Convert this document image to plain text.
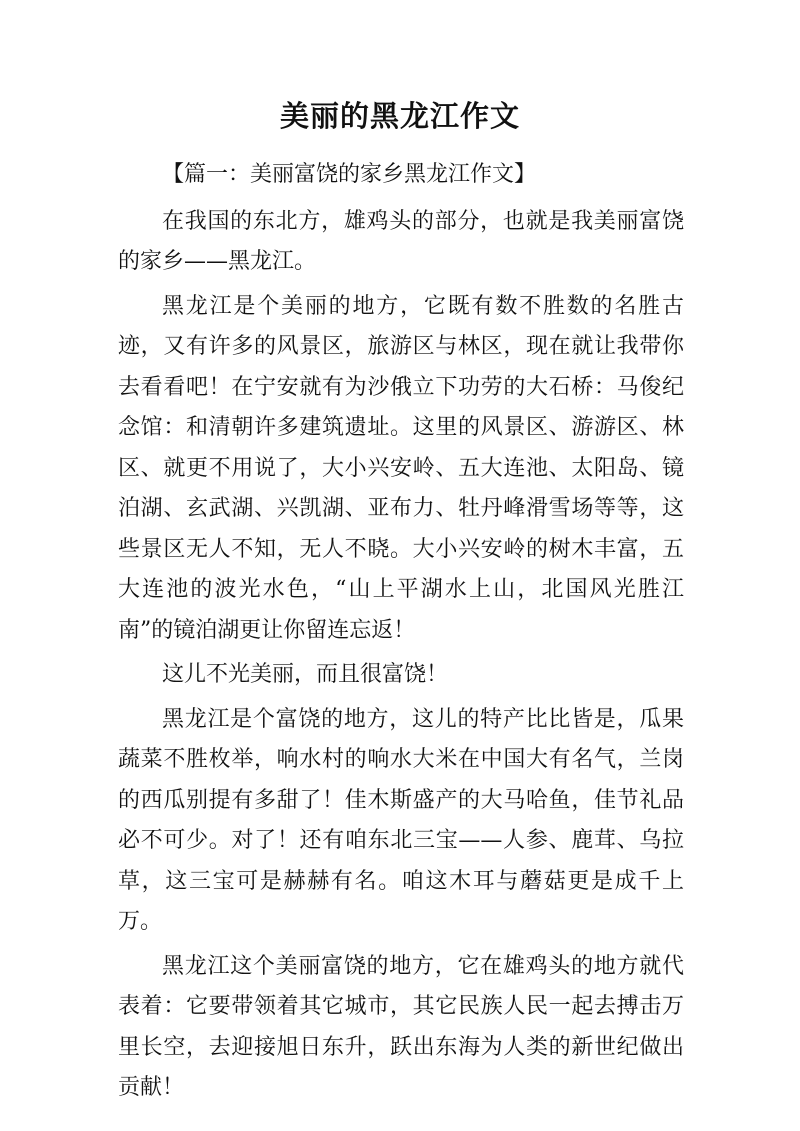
美丽的黑龙江作文

【篇一：美丽富饶的家乡黑龙江作文】

在我国的东北方，雄鸡头的部分，也就是我美丽富饶的家乡——黑龙江。

黑龙江是个美丽的地方，它既有数不胜数的名胜古迹，又有许多的风景区，旅游区与林区，现在就让我带你去看看吧！在宁安就有为沙俄立下功劳的大石桥：马俊纪念馆：和清朝许多建筑遗址。这里的风景区、游游区、林区、就更不用说了，大小兴安岭、五大连池、太阳岛、镜泊湖、玄武湖、兴凯湖、亚布力、牡丹峰滑雪场等等，这些景区无人不知，无人不晓。大小兴安岭的树木丰富，五大连池的波光水色，“山上平湖水上山，北国风光胜江南”的镜泊湖更让你留连忘返！

这儿不光美丽，而且很富饶！

黑龙江是个富饶的地方，这儿的特产比比皆是，瓜果蔬菜不胜枚举，响水村的响水大米在中国大有名气，兰岗的西瓜别提有多甜了！佳木斯盛产的大马哈鱼，佳节礼品必不可少。对了！还有咱东北三宝——人参、鹿茸、乌拉草，这三宝可是赫赫有名。咱这木耳与蘑菇更是成千上万。

黑龙江这个美丽富饶的地方，它在雄鸡头的地方就代表着：它要带领着其它城市，其它民族人民一起去搏击万里长空，去迎接旭日东升，跃出东海为人类的新世纪做出贡献！
